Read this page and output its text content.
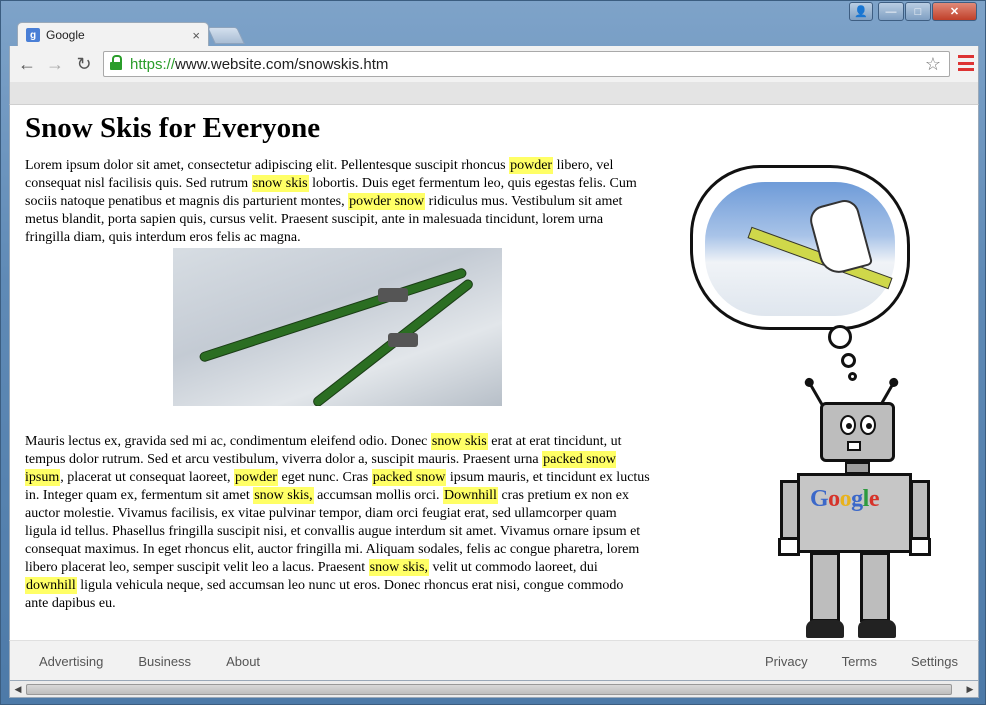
👤	—	□	✕
g Google	×
← → ↻	https:// www.website.com/snowskis.htm	☆
Snow Skis for Everyone

Lorem ipsum dolor sit amet, consectetur adipiscing elit. Pellentesque suscipit rhoncus powder libero, vel consequat nisl facilisis quis. Sed rutrum snow skis lobortis. Duis eget fermentum leo, quis egestas felis. Cum sociis natoque penatibus et magnis dis parturient montes, powder snow ridiculus mus. Vestibulum sit amet metus blandit, porta sapien quis, cursus velit. Praesent suscipit, ante in malesuada tincidunt, lorem urna fringilla diam, quis interdum eros felis ac magna.

Mauris lectus ex, gravida sed mi ac, condimentum eleifend odio. Donec snow skis erat at erat tincidunt, ut tempus dolor rutrum. Sed et arcu vestibulum, viverra dolor a, suscipit mauris. Praesent urna packed snow ipsum, placerat ut consequat laoreet, powder eget nunc. Cras packed snow ipsum mauris, et tincidunt ex luctus in. Integer quam ex, fermentum sit amet snow skis, accumsan mollis orci. Downhill cras pretium ex non ex auctor molestie. Vivamus facilisis, ex vitae pulvinar tempor, diam orci feugiat erat, sed ullamcorper quam ligula id tellus. Phasellus fringilla suscipit nisi, et convallis augue interdum sit amet. Vivamus ornare ipsum et consequat maximus. In eget rhoncus elit, auctor fringilla mi. Aliquam sodales, felis ac congue pharetra, lorem libero placerat leo, semper suscipit velit leo a lacus. Praesent snow skis, velit ut commodo laoreet, dui downhill ligula vehicula neque, sed accumsan leo nunc ut eros. Donec rhoncus erat nisi, congue commodo ante dapibus eu.

Google
Advertising	Business	About	Privacy	Terms	Settings
◀	▶
